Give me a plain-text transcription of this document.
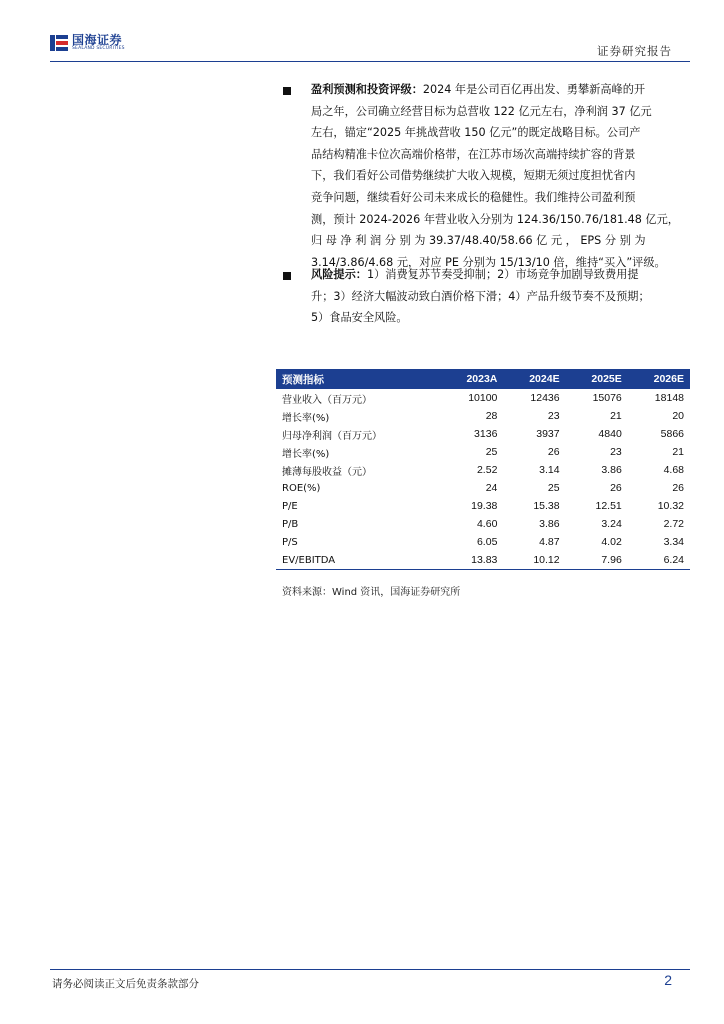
国海证券
SEALAND SECURITIES	证券研究报告
盈利预测和投资评级：2024 年是公司百亿再出发、勇攀新高峰的开
局之年，公司确立经营目标为总营收 122 亿元左右，净利润 37 亿元
左右，锚定“2025 年挑战营收 150 亿元”的既定战略目标。公司产
品结构精准卡位次高端价格带，在江苏市场次高端持续扩容的背景
下，我们看好公司借势继续扩大收入规模，短期无须过度担忧省内
竞争问题，继续看好公司未来成长的稳健性。我们维持公司盈利预
测，预计 2024-2026 年营业收入分别为 124.36/150.76/181.48 亿元，
归 母 净 利 润 分 别 为 39.37/48.40/58.66 亿 元 ， EPS 分 别 为
3.14/3.86/4.68 元，对应 PE 分别为 15/13/10 倍，维持“买入”评级。
风险提示：1）消费复苏节奏受抑制；2）市场竞争加剧导致费用提
升；3）经济大幅波动致白酒价格下滑；4）产品升级节奏不及预期；
5）食品安全风险。
预测指标	2023A	2024E	2025E	2026E
营业收入（百万元）	10100	12436	15076	18148
增长率(%)	28	23	21	20
归母净利润（百万元）	3136	3937	4840	5866
增长率(%)	25	26	23	21
摊薄每股收益（元）	2.52	3.14	3.86	4.68
ROE(%)	24	25	26	26
P/E	19.38	15.38	12.51	10.32
P/B	4.60	3.86	3.24	2.72
P/S	6.05	4.87	4.02	3.34
EV/EBITDA	13.83	10.12	7.96	6.24
资料来源：Wind 资讯，国海证券研究所
请务必阅读正文后免责条款部分	2
